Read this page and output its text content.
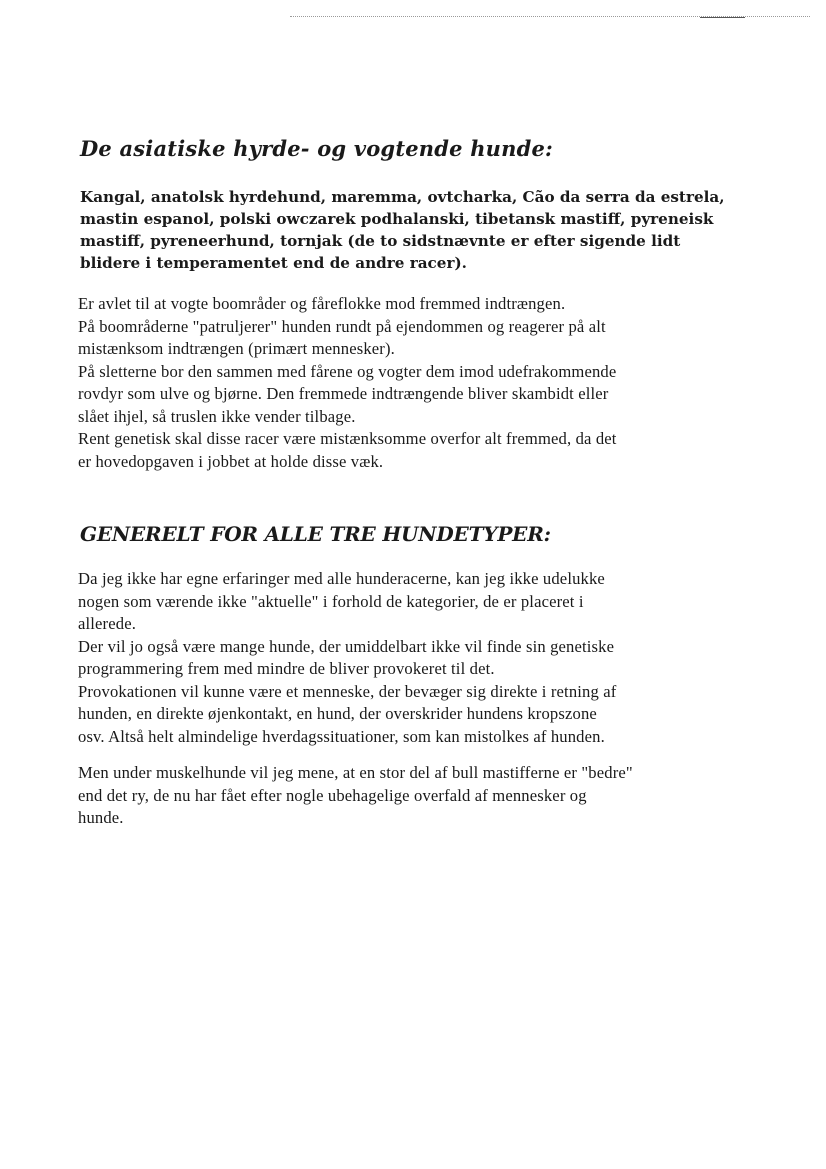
De asiatiske hyrde- og vogtende hunde:

Kangal, anatolsk hyrdehund, maremma, ovtcharka, Cão da serra da estrela,
mastin espanol, polski owczarek podhalanski, tibetansk mastiff, pyreneisk
mastiff, pyreneerhund, tornjak (de to sidstnævnte er efter sigende lidt
blidere i temperamentet end de andre racer).

Er avlet til at vogte boområder og fåreflokke mod fremmed indtrængen.
På boområderne "patruljerer" hunden rundt på ejendommen og reagerer på alt
mistænksom indtrængen (primært mennesker).
På sletterne bor den sammen med fårene og vogter dem imod udefrakommende
rovdyr som ulve og bjørne. Den fremmede indtrængende bliver skambidt eller
slået ihjel, så truslen ikke vender tilbage.
Rent genetisk skal disse racer være mistænksomme overfor alt fremmed, da det
er hovedopgaven i jobbet at holde disse væk.

GENERELT FOR ALLE TRE HUNDETYPER:

Da jeg ikke har egne erfaringer med alle hunderacerne, kan jeg ikke udelukke
nogen som værende ikke "aktuelle" i forhold de kategorier, de er placeret i
allerede.
Der vil jo også være mange hunde, der umiddelbart ikke vil finde sin genetiske
programmering frem med mindre de bliver provokeret til det.
Provokationen vil kunne være et menneske, der bevæger sig direkte i retning af
hunden, en direkte øjenkontakt, en hund, der overskrider hundens kropszone
osv. Altså helt almindelige hverdagssituationer, som kan mistolkes af hunden.

Men under muskelhunde vil jeg mene, at en stor del af bull mastifferne er "bedre"
end det ry, de nu har fået efter nogle ubehagelige overfald af mennesker og
hunde.
